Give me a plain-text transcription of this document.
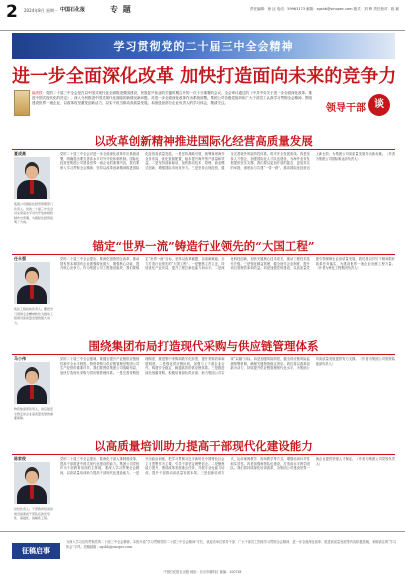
2 2024年8月 星期一 中国石化报	专 题	责任编辑：徐 达 电话：59963173 邮箱：zgshb@sinopec.com 版式：刘 晖 责任校对：段 颖
学习贯彻党的二十届三中全会精神
进一步全面深化改革 加快打造面向未来的竞争力
编者按：党的二十届三中全会是在以中国式现代化全面推进强国建设、民族复兴伟业的关键时期召开的一次十分重要的会议。全会审议通过的《中共中央关于进一步全面深化改革、推进中国式现代化的决定》，深入分析推进中国式现代化面临的新情况新问题，对进一步全面深化改革作出系统部署。集团公司各级党组织和广大干部员工认真学习贯彻全会精神，围绕建设世界一流企业，以改革攻坚激发创新活力，以实干担当推动高质量发展。本版选登部分企业负责人的学习体会，敬请关注。	领导干部 谈
以改革创新精神推进国际化经营高质量发展
夏成高
集团公司国际化经营管理部门负责人。党的二十届三中全会对完善高水平对外开放体制机制作出部署，为国际化经营指明了方向。
党的二十届三中全会对进一步全面深化改革作出系统部署，明确提出要完善高水平对外开放体制机制。国际化经营是集团公司建设世界一流企业的重要内容，我们要深入学习贯彻全会精神，坚持以改革创新精神推进国际化经营高质量发展。一是坚持战略引领，统筹谋划海外业务布局，优化资源配置，稳步提升海外资产质量和效益。二是坚持创新驱动，加快推动技术、管理、商业模式创新，增强国际市场竞争力。三是坚持合规经营，健全完善境外风险防控体系，筑牢安全发展底线。四是坚持人才强企，加强国际化人才队伍建设，为海外业务发展提供坚实支撑。我们要以更加开放的姿态、更加务实的举措，深度参与共建“一带一路”，推动国际化经营迈上新台阶，为集团公司高质量发展作出新贡献。（作者为集团公司国际事业部负责人）
锚定“世界一流”铸造行业领先的“大国工程”
任永强
炼化工程板块负责人。要把学习贯彻全会精神转化为推动工程建设高质量发展的强大动力。
党的二十届三中全会提出，要深化国资国企改革，推动国有资本和国有企业做强做优做大，增强核心功能，提升核心竞争力。作为集团公司工程建设板块，我们要锚定“世界一流”目标，坚持以改革破题、以创新赋能，全力打造行业领先的“大国工程”。一是聚焦主责主业，持续优化产业布局，提升工程总承包能力和水平。二是深化科技创新，加快关键核心技术攻关，推动工程技术迭代升级。三是强化精益管理，健全现代企业制度，提升项目管理效率和效益。四是加强党的建设，以高质量党建引领保障企业高质量发展。我们将以钉钉子精神抓好改革任务落实，为建设世界一流企业贡献工程力量。（作者为炼化工程集团负责人）
围绕集团布局打造现代采购与供应链管理体系
马小伟
物资装备部负责人。供应链安全稳定是企业高质量发展的重要保障。
党的二十届三中全会强调，要健全提升产业链供应链韧性和安全水平制度。物资采购与供应链管理是集团公司生产经营的重要环节。我们要围绕集团公司战略布局，加快打造现代采购与供应链管理体系。一是完善采购管理制度，推进集中采购和数字化转型，提升采购效率和透明度。二是强化供应链协同，加强与上下游企业合作，构建安全稳定、畅通高效的供应链体系。三是推进绿色低碳采购，积极培育绿色供应商，助力集团公司实现“双碳”目标。四是加强风险防控，健全供应链风险监测预警机制，确保关键物资稳定供应。我们将以改革创新为动力，持续提升供应链管理现代化水平，为集团公司高质量发展提供有力支撑。（作者为集团公司物资装备部负责人）
以高质量培训助力提高干部现代化建设能力
陈家俊
党校负责人。干部教育培训是建设高素质干部队伍的先导性、基础性、战略性工程。
党的二十届三中全会提出，要深化干部人事制度改革，提高干部推进中国式现代化建设的能力。集团公司党校作为干部教育培训的主阵地，要深入学习贯彻全会精神，以高质量培训助力提高干部现代化建设能力。一是突出政治训练，把学习贯彻习近平新时代中国特色社会主义思想作为主课，引导干部坚定理想信念。二是聚焦能力提升，围绕改革发展重点任务，开展专业化能力培训，提升干部推动高质量发展本领。三是创新培训方式，运用案例教学、现场教学等方式，增强培训针对性和实效性。四是加强师资队伍建设，打造高水平教学团队。我们将持续深化培训改革，为集团公司建设世界一流企业提供坚强人才保证。（作者为集团公司党校负责人）
征稿启事
为深入学习宣传贯彻党的二十届三中全会精神，本报开设“学习贯彻党的二十届三中全会精神”专栏，欢迎各单位领导干部、广大干部员工围绕学习贯彻全会精神、进一步全面深化改革、推进高质量发展等内容积极投稿，来稿请注明“学习体会”字样。投稿邮箱：zgshb@sinopec.com
中国石化报社出版 地址：北京市朝阳区 邮编：100728
